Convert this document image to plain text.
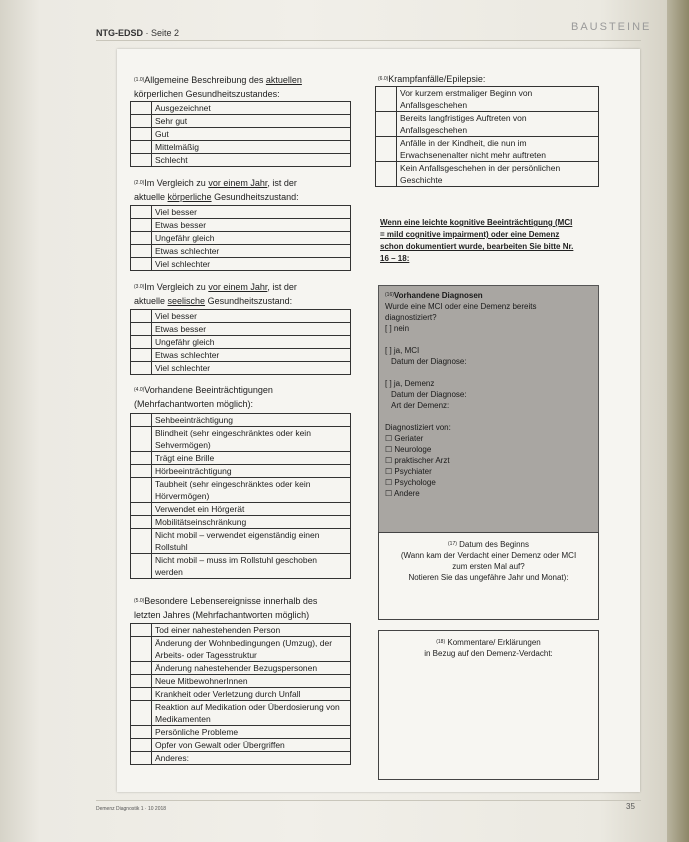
NTG-EDSD · Seite 2	BAUSTEINE
$^{(1.0)}$Allgemeine Beschreibung des aktuellen
körperlichen Gesundheitszustandes:
	Ausgezeichnet
	Sehr gut
	Gut
	Mittelmäßig
	Schlecht
$^{(2.0)}$Im Vergleich zu vor einem Jahr, ist der
aktuelle körperliche Gesundheitszustand:
	Viel besser
	Etwas besser
	Ungefähr gleich
	Etwas schlechter
	Viel schlechter
$^{(3.0)}$Im Vergleich zu vor einem Jahr, ist der
aktuelle seelische Gesundheitszustand:
	Viel besser
	Etwas besser
	Ungefähr gleich
	Etwas schlechter
	Viel schlechter
$^{(4.0)}$Vorhandene Beeinträchtigungen
(Mehrfachantworten möglich):
	Sehbeeinträchtigung
	Blindheit (sehr eingeschränktes oder kein Sehvermögen)
	Trägt eine Brille
	Hörbeeinträchtigung
	Taubheit (sehr eingeschränktes oder kein Hörvermögen)
	Verwendet ein Hörgerät
	Mobilitätseinschränkung
	Nicht mobil – verwendet eigenständig einen Rollstuhl
	Nicht mobil – muss im Rollstuhl geschoben werden
$^{(5.0)}$Besondere Lebensereignisse innerhalb des
letzten Jahres (Mehrfachantworten möglich)
	Tod einer nahestehenden Person
	Änderung der Wohnbedingungen (Umzug), der Arbeits- oder Tagesstruktur
	Änderung nahestehender Bezugspersonen
	Neue MitbewohnerInnen
	Krankheit oder Verletzung durch Unfall
	Reaktion auf Medikation oder Überdosierung von Medikamenten
	Persönliche Probleme
	Opfer von Gewalt oder Übergriffen
	Anderes:
$^{(6.0)}$Krampfanfälle/Epilepsie:
	Vor kurzem erstmaliger Beginn von Anfallsgeschehen
	Bereits langfristiges Auftreten von Anfallsgeschehen
	Anfälle in der Kindheit, die nun im Erwachsenenalter nicht mehr auftreten
	Kein Anfallsgeschehen in der persönlichen Geschichte
Wenn eine leichte kognitive Beeinträchtigung (MCI
= mild cognitive impairment) oder eine Demenz
schon dokumentiert wurde, bearbeiten Sie bitte Nr.
16 – 18:
$^{(16)}$Vorhandene Diagnosen
Wurde eine MCI oder eine Demenz bereits
diagnostiziert?
[ ] nein
[ ] ja, MCI
Datum der Diagnose:
[ ] ja, Demenz
Datum der Diagnose:
Art der Demenz:
Diagnostiziert von:
☐ Geriater
☐ Neurologe
☐ praktischer Arzt
☐ Psychiater
☐ Psychologe
☐ Andere
$^{(17)}$ Datum des Beginns
(Wann kam der Verdacht einer Demenz oder MCI
zum ersten Mal auf?
Notieren Sie das ungefähre Jahr und Monat):
$^{(18)}$ Kommentare/ Erklärungen
in Bezug auf den Demenz-Verdacht:
Demenz Diagnostik 1 · 10 2018	35
